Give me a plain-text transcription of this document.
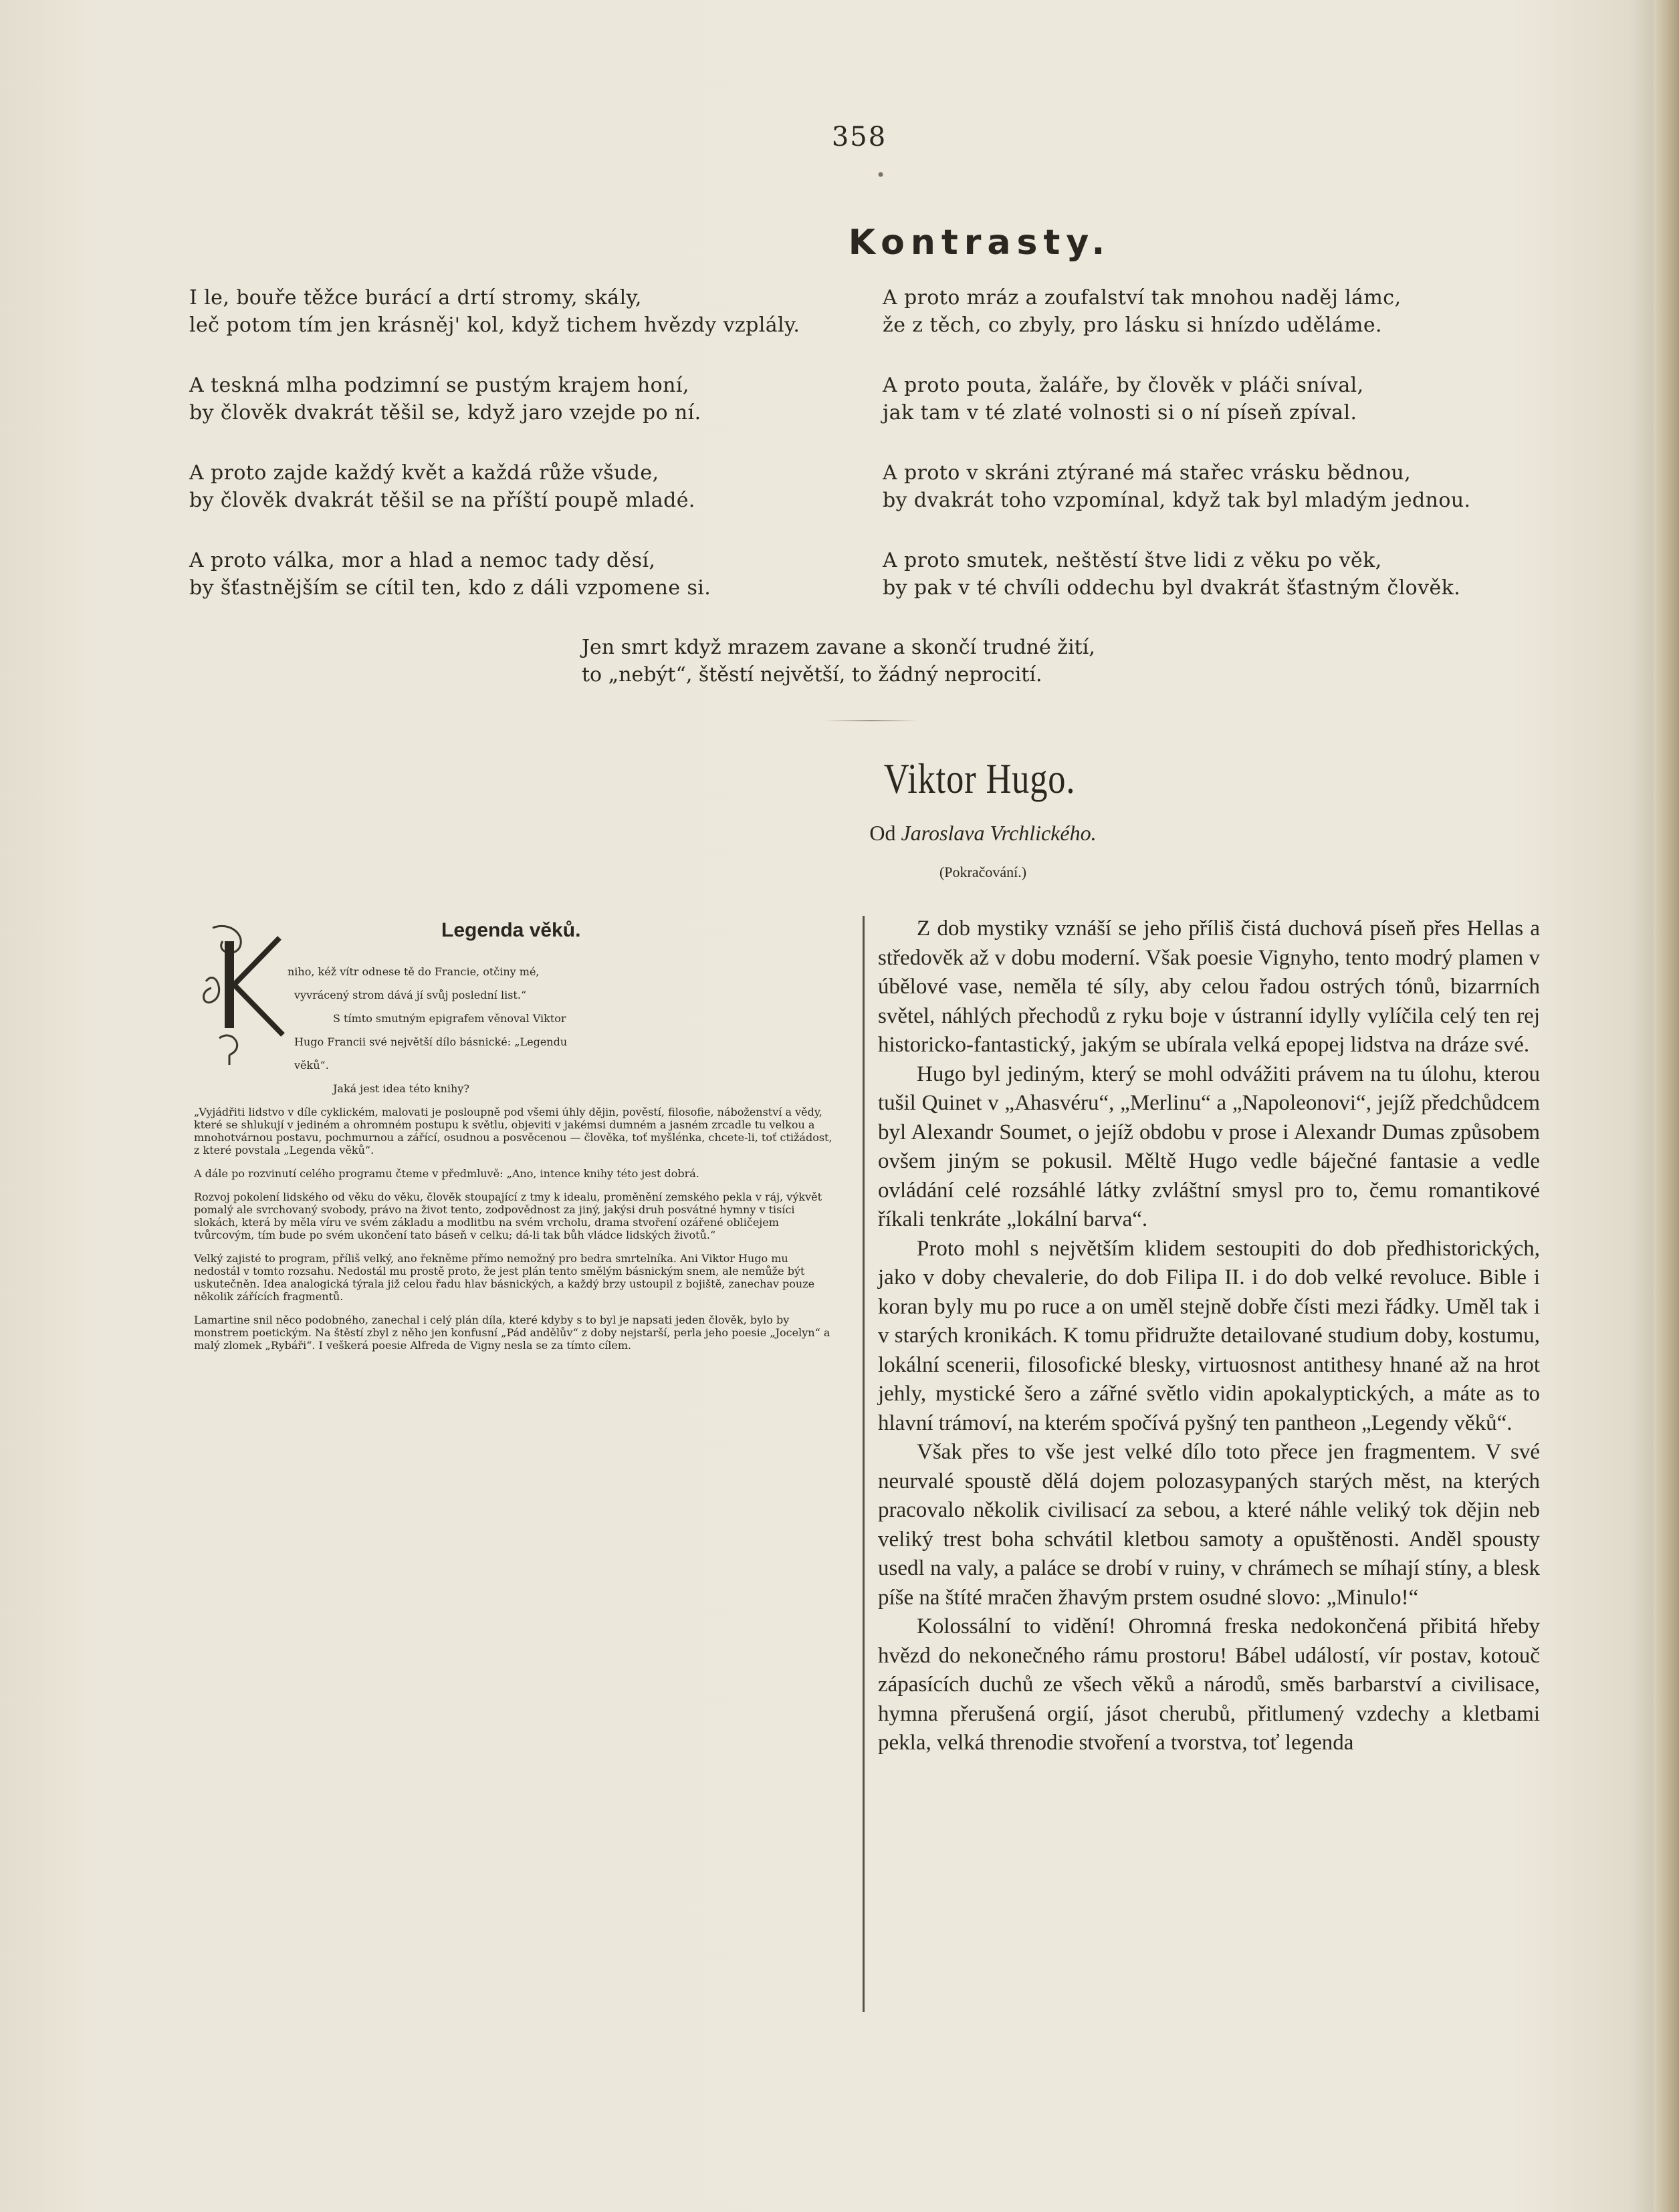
358
•
Kontrasty.
I le, bouře těžce burácí a drtí stromy, skály,
leč potom tím jen krásněj' kol, když tichem hvězdy vzplály.
A teskná mlha podzimní se pustým krajem honí,
by člověk dvakrát těšil se, když jaro vzejde po ní.
A proto zajde každý květ a každá růže všude,
by člověk dvakrát těšil se na příští poupě mladé.
A proto válka, mor a hlad a nemoc tady děsí,
by šťastnějším se cítil ten, kdo z dáli vzpomene si.
A proto mráz a zoufalství tak mnohou naděj lámc,
že z těch, co zbyly, pro lásku si hnízdo uděláme.
A proto pouta, žaláře, by člověk v pláči sníval,
jak tam v té zlaté volnosti si o ní píseň zpíval.
A proto v skráni ztýrané má stařec vrásku bědnou,
by dvakrát toho vzpomínal, když tak byl mladým jednou.
A proto smutek, neštěstí štve lidi z věku po věk,
by pak v té chvíli oddechu byl dvakrát šťastným člověk.
Jen smrt když mrazem zavane a skončí trudné žití,
to „nebýt“, štěstí největší, to žádný neprocití.
Viktor Hugo.
Od Jaroslava Vrchlického.
(Pokračování.)
Legenda věků.

niho, kéž vítr odnese tě do Francie, otčiny mé,

vyvrácený strom dává jí svůj poslední list.“

S tímto smutným epigrafem věnoval Viktor

Hugo Francii své největší dílo básnické: „Legendu

věků“.

Jaká jest idea této knihy?

„Vyjádřiti lidstvo v díle cyklickém, malovati je posloupně pod všemi úhly dějin, pověstí, filosofie, náboženství a vědy, které se shlukují v jediném a ohromném postupu k světlu, objeviti v jakémsi dumném a jasném zrcadle tu velkou a mnohotvárnou postavu, pochmurnou a zářící, osudnou a posvěcenou — člověka, toť myšlénka, chcete-li, toť ctižádost, z které povstala „Legenda věků“.

A dále po rozvinutí celého programu čteme v předmluvě: „Ano, intence knihy této jest dobrá.

Rozvoj pokolení lidského od věku do věku, člověk stoupající z tmy k idealu, proměnění zemského pekla v ráj, výkvět pomalý ale svrchovaný svobody, právo na život tento, zodpovědnost za jiný, jakýsi druh posvátné hymny v tisíci slokách, která by měla víru ve svém základu a modlitbu na svém vrcholu, drama stvoření ozářené obličejem tvůrcovým, tím bude po svém ukončení tato báseň v celku; dá-li tak bůh vládce lidských životů.“

Velký zajisté to program, příliš velký, ano řekněme přímo nemožný pro bedra smrtelníka. Ani Viktor Hugo mu nedostál v tomto rozsahu. Nedostál mu prostě proto, že jest plán tento smělým básnickým snem, ale nemůže být uskutečněn. Idea analogická týrala již celou řadu hlav básnických, a každý brzy ustoupil z bojiště, zanechav pouze několik zářících fragmentů.

Lamartine snil něco podobného, zanechal i celý plán díla, které kdyby s to byl je napsati jeden člověk, bylo by monstrem poetickým. Na štěstí zbyl z něho jen konfusní „Pád andělův“ z doby nejstarší, perla jeho poesie „Jocelyn“ a malý zlomek „Rybáři“. I veškerá poesie Alfreda de Vigny nesla se za tímto cílem.

Z dob mystiky vznáší se jeho příliš čistá duchová píseň přes Hellas a středověk až v dobu moderní. Však poesie Vignyho, tento modrý plamen v úbělové vase, neměla té síly, aby celou řadou ostrých tónů, bizarrních světel, náhlých přechodů z ryku boje v ústranní idylly vylíčila celý ten rej historicko-fantastický, jakým se ubírala velká epopej lidstva na dráze své.

Hugo byl jediným, který se mohl odvážiti právem na tu úlohu, kterou tušil Quinet v „Ahasvéru“, „Merlinu“ a „Napoleonovi“, jejíž předchůdcem byl Alexandr Soumet, o jejíž obdobu v prose i Alexandr Dumas způsobem ovšem jiným se pokusil. Měltě Hugo vedle báječné fantasie a vedle ovládání celé rozsáhlé látky zvláštní smysl pro to, čemu romantikové říkali tenkráte „lokální barva“.

Proto mohl s největším klidem sestoupiti do dob předhistorických, jako v doby chevalerie, do dob Filipa II. i do dob velké revoluce. Bible i koran byly mu po ruce a on uměl stejně dobře čísti mezi řádky. Uměl tak i v starých kronikách. K tomu přidružte detailované studium doby, kostumu, lokální scenerii, filosofické blesky, virtuosnost antithesy hnané až na hrot jehly, mystické šero a zářné světlo vidin apokalyptických, a máte as to hlavní trámoví, na kterém spočívá pyšný ten pantheon „Legendy věků“.

Však přes to vše jest velké dílo toto přece jen fragmentem. V své neurvalé spoustě dělá dojem polozasypaných starých měst, na kterých pracovalo několik civilisací za sebou, a které náhle veliký tok dějin neb veliký trest boha schvátil kletbou samoty a opuštěnosti. Anděl spousty usedl na valy, a paláce se drobí v ruiny, v chrámech se míhají stíny, a blesk píše na štíté mračen žhavým prstem osudné slovo: „Minulo!“

Kolossální to vidění! Ohromná freska nedokončená přibitá hřeby hvězd do nekonečného rámu prostoru! Bábel událostí, vír postav, kotouč zápasících duchů ze všech věků a národů, směs barbarství a civilisace, hymna přerušená orgií, jásot cherubů, přitlumený vzdechy a kletbami pekla, velká threnodie stvoření a tvorstva, toť legenda
